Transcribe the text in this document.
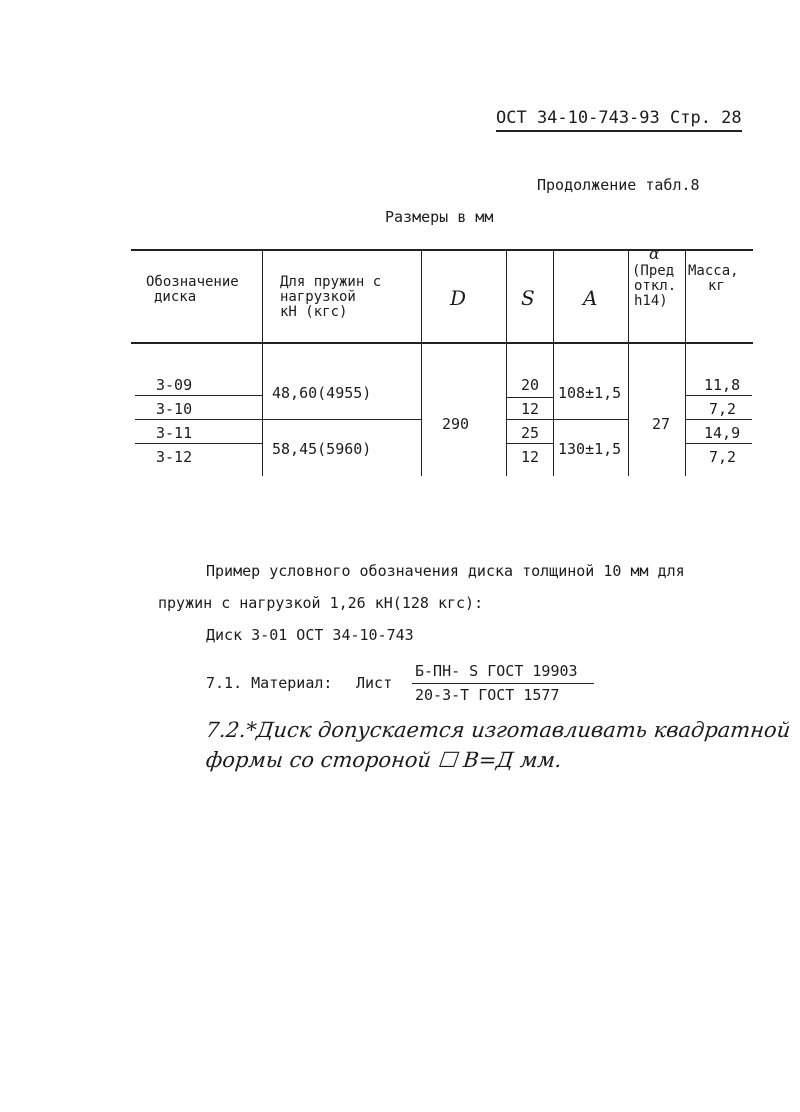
ОСТ 34-10-743-93 Стр. 28
Продолжение табл.8
Размеры в мм
Обозначение
диска
Для пружин с
нагрузкой
кН (кгс)
D	S A
α
(Пред
откл.
h14)
Масса,
кг
3-09
3-10
3-11
3-12
48,60(4955)
58,45(5960)
290
20
12
25
12
108±1,5
130±1,5
27
11,8
7,2
14,9
7,2
Пример условного обозначения диска толщиной 10 мм для
пружин с нагрузкой 1,26 кН(128 кгс):
Диск 3-01 ОСТ 34-10-743
7.1. Материал: Лист
Б-ПН- S ГОСТ 19903
20-3-Т ГОСТ 1577
7.2.*Диск допускается изготавливать квадратной
формы со стороной ☐ В=Д мм.
